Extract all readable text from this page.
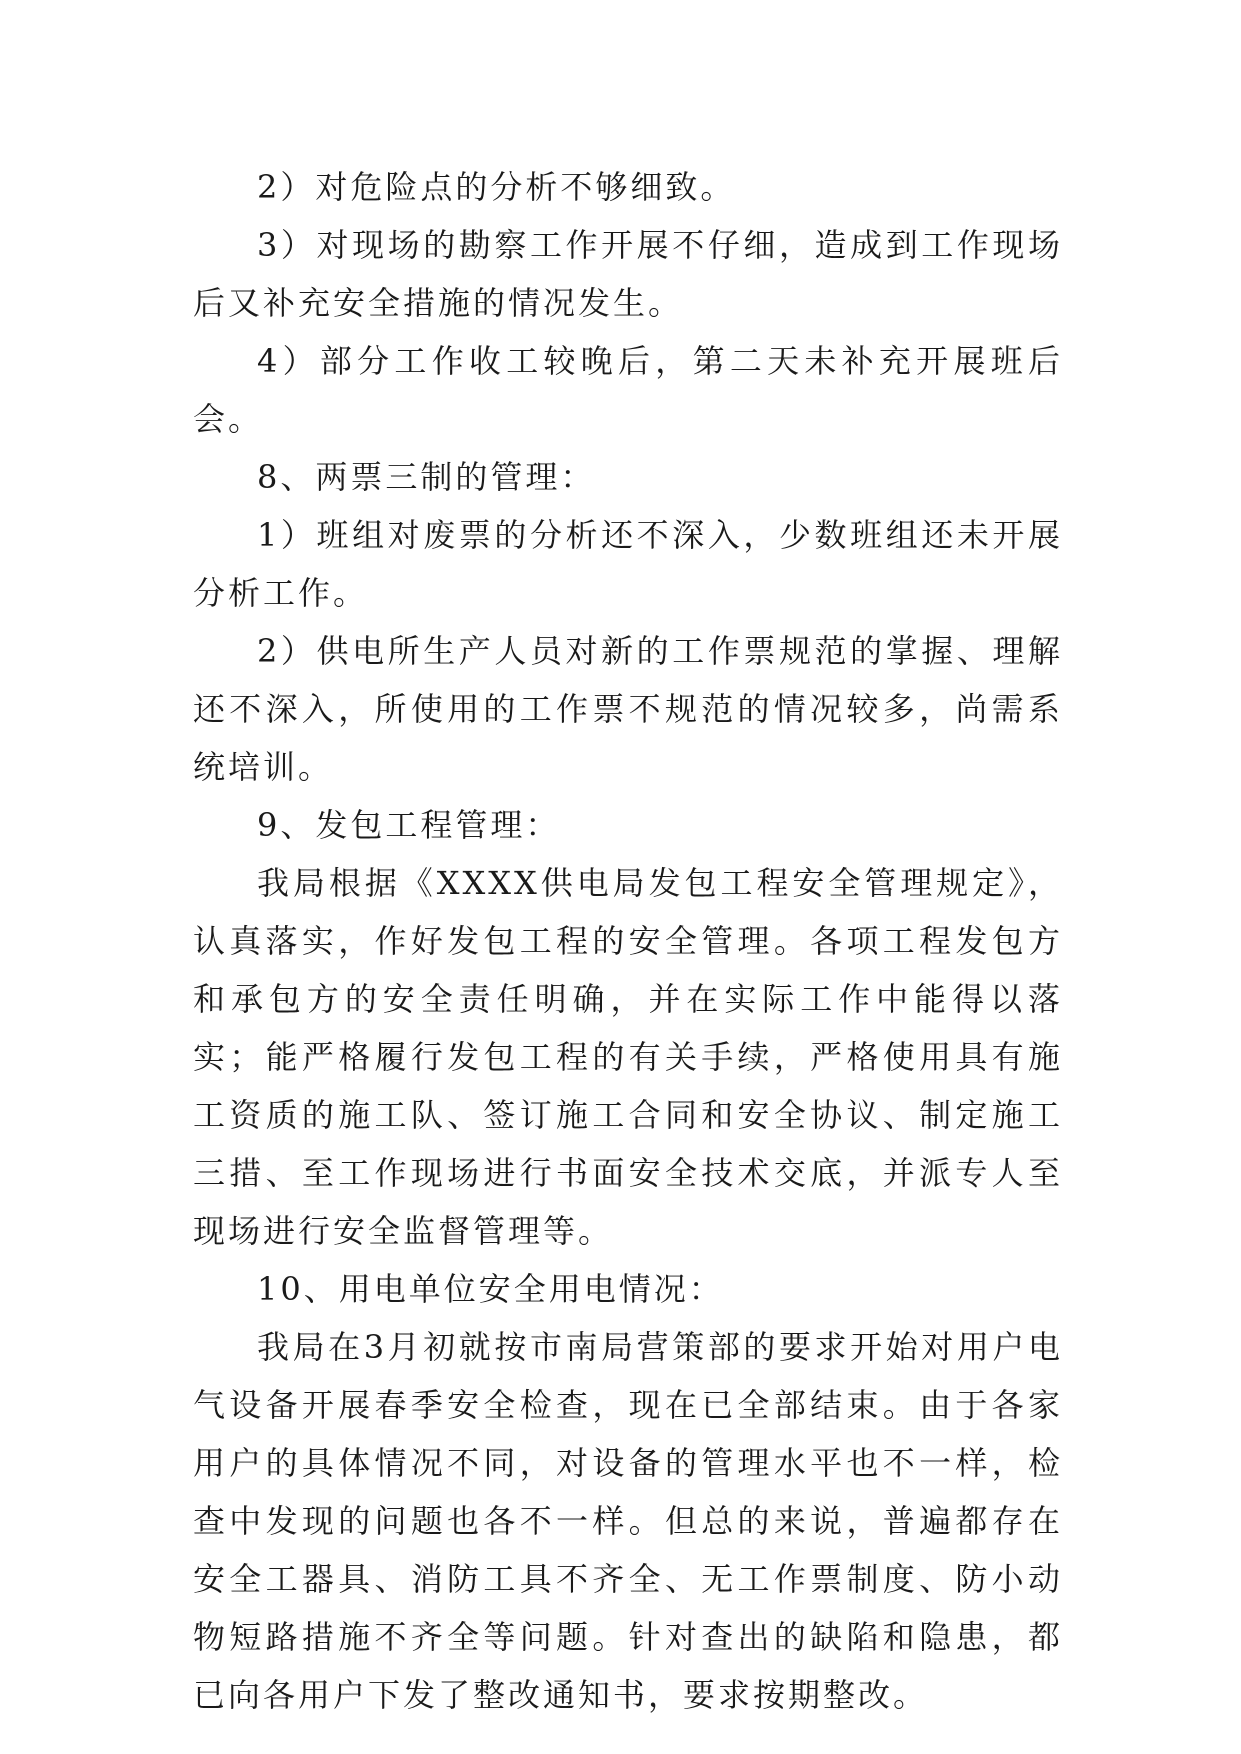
2）对危险点的分析不够细致。

3）对现场的勘察工作开展不仔细，造成到工作现场后又补充安全措施的情况发生。

4）部分工作收工较晚后，第二天未补充开展班后会。

8、两票三制的管理：

1）班组对废票的分析还不深入，少数班组还未开展分析工作。

2）供电所生产人员对新的工作票规范的掌握、理解还不深入，所使用的工作票不规范的情况较多，尚需系统培训。

9、发包工程管理：

我局根据《XXXX供电局发包工程安全管理规定》，认真落实，作好发包工程的安全管理。各项工程发包方和承包方的安全责任明确，并在实际工作中能得以落实；能严格履行发包工程的有关手续，严格使用具有施工资质的施工队、签订施工合同和安全协议、制定施工三措、至工作现场进行书面安全技术交底，并派专人至现场进行安全监督管理等。

10、用电单位安全用电情况：

我局在3月初就按市南局营策部的要求开始对用户电气设备开展春季安全检查，现在已全部结束。由于各家用户的具体情况不同，对设备的管理水平也不一样，检查中发现的问题也各不一样。但总的来说，普遍都存在安全工器具、消防工具不齐全、无工作票制度、防小动物短路措施不齐全等问题。针对查出的缺陷和隐患，都已向各用户下发了整改通知书，要求按期整改。
